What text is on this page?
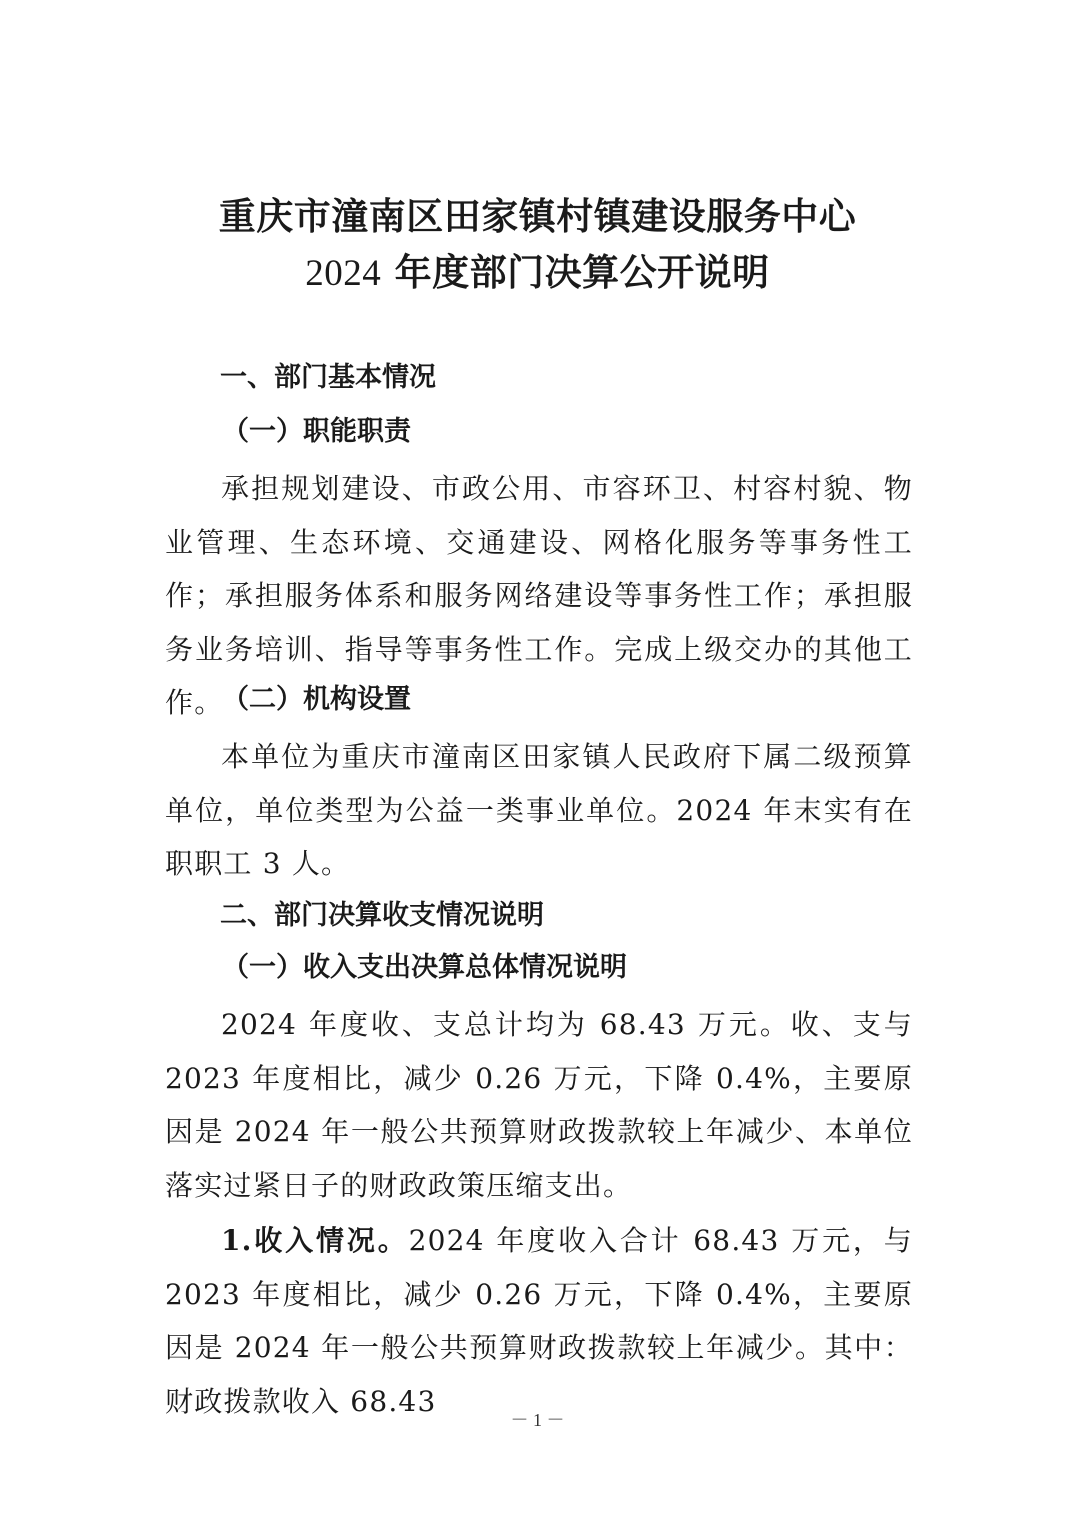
重庆市潼南区田家镇村镇建设服务中心
2024 年度部门决算公开说明
一、部门基本情况
（一）职能职责

承担规划建设、市政公用、市容环卫、村容村貌、物业管理、生态环境、交通建设、网格化服务等事务性工作；承担服务体系和服务网络建设等事务性工作；承担服务业务培训、指导等事务性工作。完成上级交办的其他工作。

（二）机构设置

本单位为重庆市潼南区田家镇人民政府下属二级预算单位，单位类型为公益一类事业单位。2024 年末实有在职职工 3 人。

二、部门决算收支情况说明
（一）收入支出决算总体情况说明

2024 年度收、支总计均为 68.43 万元。收、支与 2023 年度相比，减少 0.26 万元，下降 0.4%，主要原因是 2024 年一般公共预算财政拨款较上年减少、本单位落实过紧日子的财政政策压缩支出。

1.收入情况。2024 年度收入合计 68.43 万元，与 2023 年度相比，减少 0.26 万元，下降 0.4%，主要原因是 2024 年一般公共预算财政拨款较上年减少。其中：财政拨款收入 68.43

－ 1 －
